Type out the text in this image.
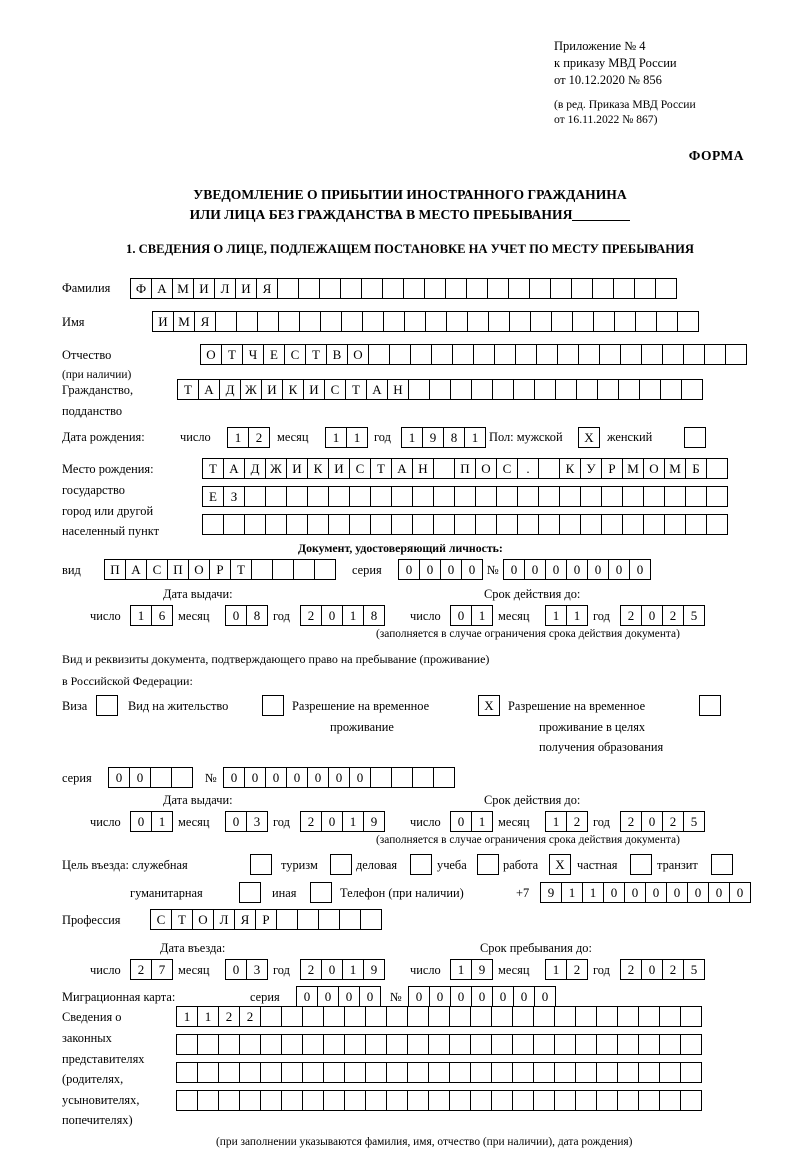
Приложение № 4
к приказу МВД России
от 10.12.2020 № 856
(в ред. Приказа МВД России
от 16.11.2022 № 867)
ФОРМА
УВЕДОМЛЕНИЕ О ПРИБЫТИИ ИНОСТРАННОГО ГРАЖДАНИНА
ИЛИ ЛИЦА БЕЗ ГРАЖДАНСТВА В МЕСТО ПРЕБЫВАНИЯ
1. СВЕДЕНИЯ О ЛИЦЕ, ПОДЛЕЖАЩЕМ ПОСТАНОВКЕ НА УЧЕТ ПО МЕСТУ ПРЕБЫВАНИЯ
Фамилия	Ф А М И Л И Я
Имя	И М Я
Отчество
(при наличии)
О Т Ч Е С Т В О
Гражданство,
подданство
Т А Д Ж И К И С Т А Н
Дата рождения:	число	1	2	месяц	1	1	год	1	9	8	1 Пол: мужской	X	женский
Место рождения:
государство
город или другой
населенный пункт
Т А Д Ж И К И С Т А Н	П О С	.	К У Р М О М Б
Е	З
Документ, удостоверяющий личность:
вид	П А С П О Р	Т	серия	0	0	0	0 № 0	0	0	0	0	0	0
Дата выдачи:	Срок действия до:
число	1	6	месяц	0	8	год	2	0	1	8	число	0	1	месяц	1	1	год	2	0	2	5
(заполняется в случае ограничения срока действия документа)
Вид и реквизиты документа, подтверждающего право на пребывание (проживание)
в Российской Федерации:
Виза	Вид на жительство	Разрешение на временное
проживание
X	Разрешение на временное
проживание в целях
получения образования
серия	0	0	№	0	0	0	0	0	0	0
Дата выдачи:	Срок действия до:
число	0	1	месяц	0	3	год	2	0	1	9	число	0	1	месяц	1	2	год	2	0	2	5
(заполняется в случае ограничения срока действия документа)
Цель въезда: служебная	туризм	деловая	учеба	работа	X частная	транзит
гуманитарная	иная	Телефон (при наличии)	+7	9	1	1	0	0	0	0	0	0	0
Профессия	С Т О Л Я	Р
Дата въезда:	Срок пребывания до:
число	2	7	месяц	0	3	год	2	0	1	9	число	1	9	месяц	1	2	год	2	0	2	5
Миграционная карта:	серия	0	0	0	0	№	0	0	0	0	0	0	0
Сведения о
законных
представителях
(родителях,
усыновителях,
попечителях)
1	1	2	2
(при заполнении указываются фамилия, имя, отчество (при наличии), дата рождения)
